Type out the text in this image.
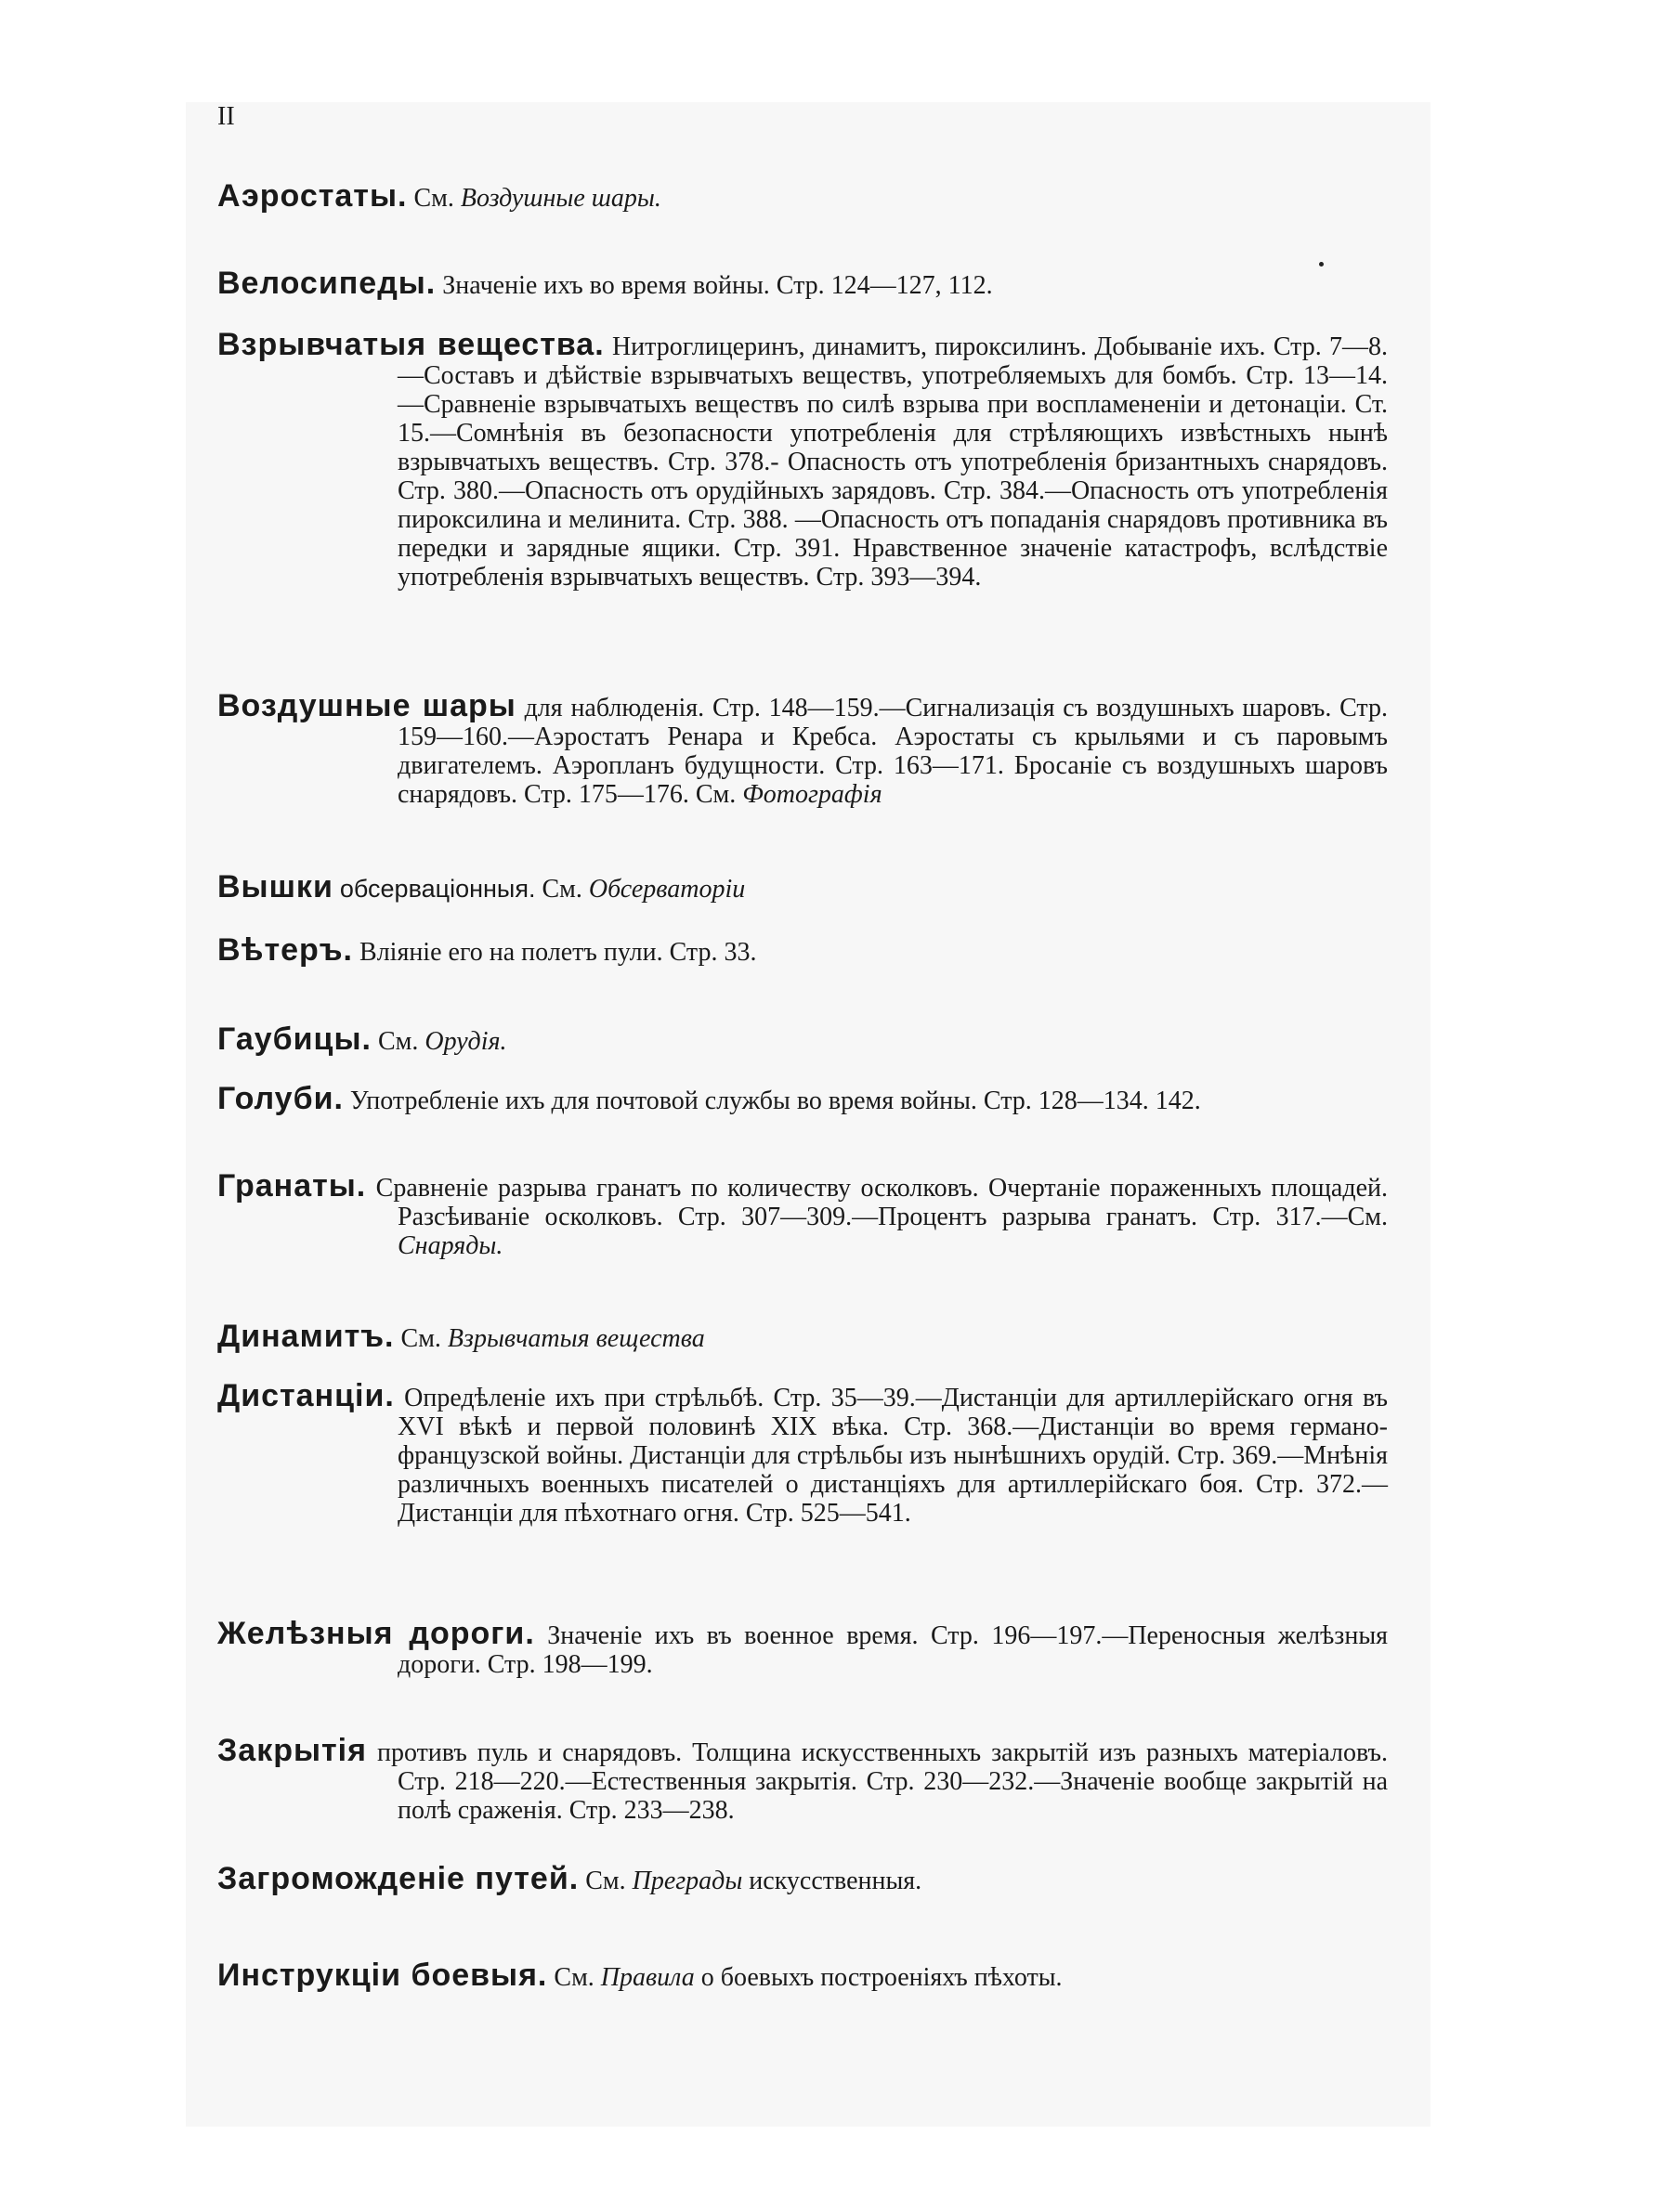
II

Аэростаты. См. Воздушные шары.

Велосипеды. Значеніе ихъ во время войны. Стр. 124—127, 112.

Взрывчатыя вещества. Нитроглицеринъ, динамитъ, пироксилинъ. Добываніе ихъ. Стр. 7—8.—Составъ и дѣйствіе взрывчатыхъ веществъ, употребляемыхъ для бомбъ. Стр. 13—14.—Сравненіе взрывчатыхъ веществъ по силѣ взрыва при воспламененіи и детонаціи. Ст. 15.—Сомнѣнія въ безопасности употребленія для стрѣляющихъ извѣстныхъ нынѣ взрывчатыхъ веществъ. Стр. 378.- Опасность отъ употребленія бризантныхъ снарядовъ. Стр. 380.—Опасность отъ орудійныхъ зарядовъ. Стр. 384.—Опасность отъ употребленія пироксилина и мелинита. Стр. 388. —Опасность отъ попаданія снарядовъ противника въ передки и зарядные ящики. Стр. 391. Нравственное значеніе катастрофъ, вслѣдствіе употребленія взрывчатыхъ веществъ. Стр. 393—394.

Воздушные шары для наблюденія. Стр. 148—159.—Сигнализація съ воздушныхъ шаровъ. Стр. 159—160.—Аэростатъ Ренара и Кребса. Аэростаты съ крыльями и съ паровымъ двигателемъ. Аэропланъ будущности. Стр. 163—171. Бросаніе съ воздушныхъ шаровъ снарядовъ. Стр. 175—176. См. Фотографія

Вышки обсерваціонныя. См. Обсерваторіи

Вѣтеръ. Вліяніе его на полетъ пули. Стр. 33.

Гаубицы. См. Орудія.

Голуби. Употребленіе ихъ для почтовой службы во время войны. Стр. 128—134. 142.

Гранаты. Сравненіе разрыва гранатъ по количеству осколковъ. Очертаніе пораженныхъ площадей. Разсѣиваніе осколковъ. Стр. 307—309.—Процентъ разрыва гранатъ. Стр. 317.—См. Снаряды.

Динамитъ. См. Взрывчатыя вещества

Дистанціи. Опредѣленіе ихъ при стрѣльбѣ. Стр. 35—39.—Дистанціи для артиллерійскаго огня въ XVI вѣкѣ и первой половинѣ XIX вѣка. Стр. 368.—Дистанціи во время германо-французской войны. Дистанціи для стрѣльбы изъ нынѣшнихъ орудій. Стр. 369.—Мнѣнія различныхъ военныхъ писателей о дистанціяхъ для артиллерійскаго боя. Стр. 372.—Дистанціи для пѣхотнаго огня. Стр. 525—541.

Желѣзныя дороги. Значеніе ихъ въ военное время. Стр. 196—197.—Переносныя желѣзныя дороги. Стр. 198—199.

Закрытія противъ пуль и снарядовъ. Толщина искусственныхъ закрытій изъ разныхъ матеріаловъ. Стр. 218—220.—Естественныя закрытія. Стр. 230—232.—Значеніе вообще закрытій на полѣ сраженія. Стр. 233—238.

Загроможденіе путей. См. Преграды искусственныя.

Инструкціи боевыя. См. Правила о боевыхъ построеніяхъ пѣхоты.
